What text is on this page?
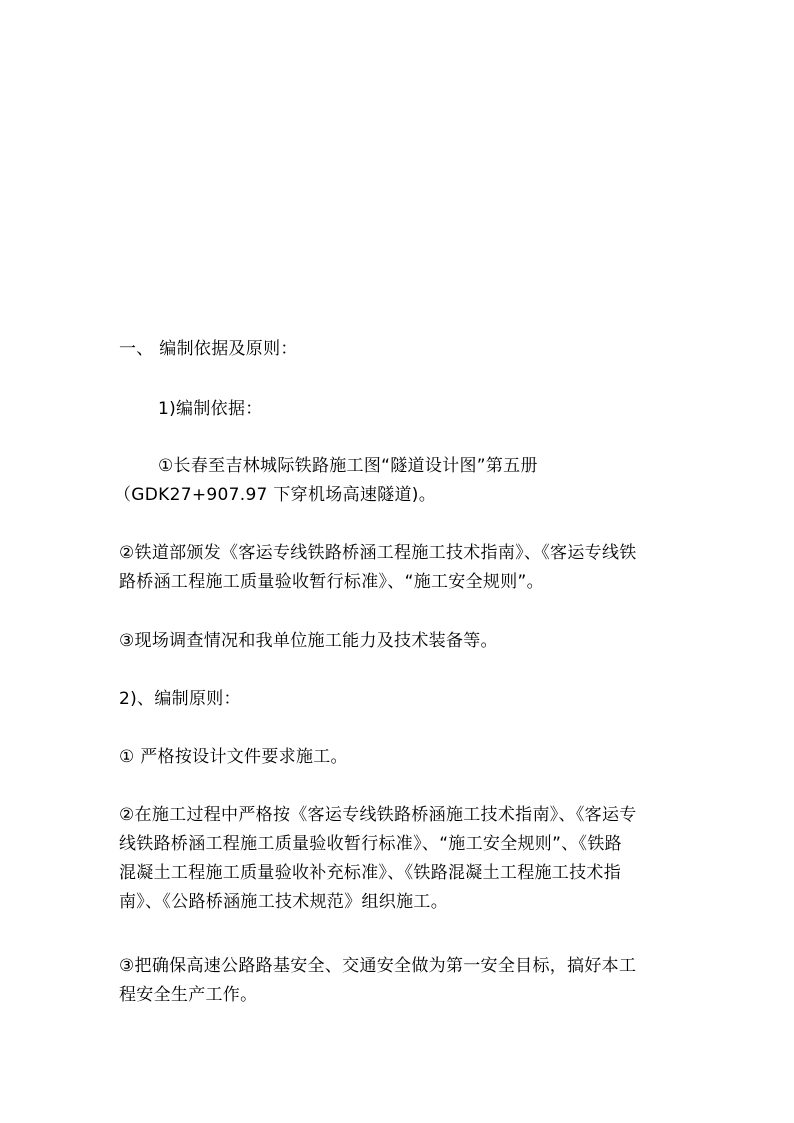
一、 编制依据及原则：
1)编制依据：
①长春至吉林城际铁路施工图“隧道设计图”第五册
（GDK27+907.97 下穿机场高速隧道)。
②铁道部颁发《客运专线铁路桥涵工程施工技术指南》、《客运专线铁
路桥涵工程施工质量验收暂行标准》、“施工安全规则”。
③现场调查情况和我单位施工能力及技术装备等。
2)、编制原则：
① 严格按设计文件要求施工。
②在施工过程中严格按《客运专线铁路桥涵施工技术指南》、《客运专
线铁路桥涵工程施工质量验收暂行标准》、“施工安全规则”、《铁路
混凝土工程施工质量验收补充标准》、《铁路混凝土工程施工技术指
南》、《公路桥涵施工技术规范》组织施工。
③把确保高速公路路基安全、交通安全做为第一安全目标，搞好本工
程安全生产工作。
